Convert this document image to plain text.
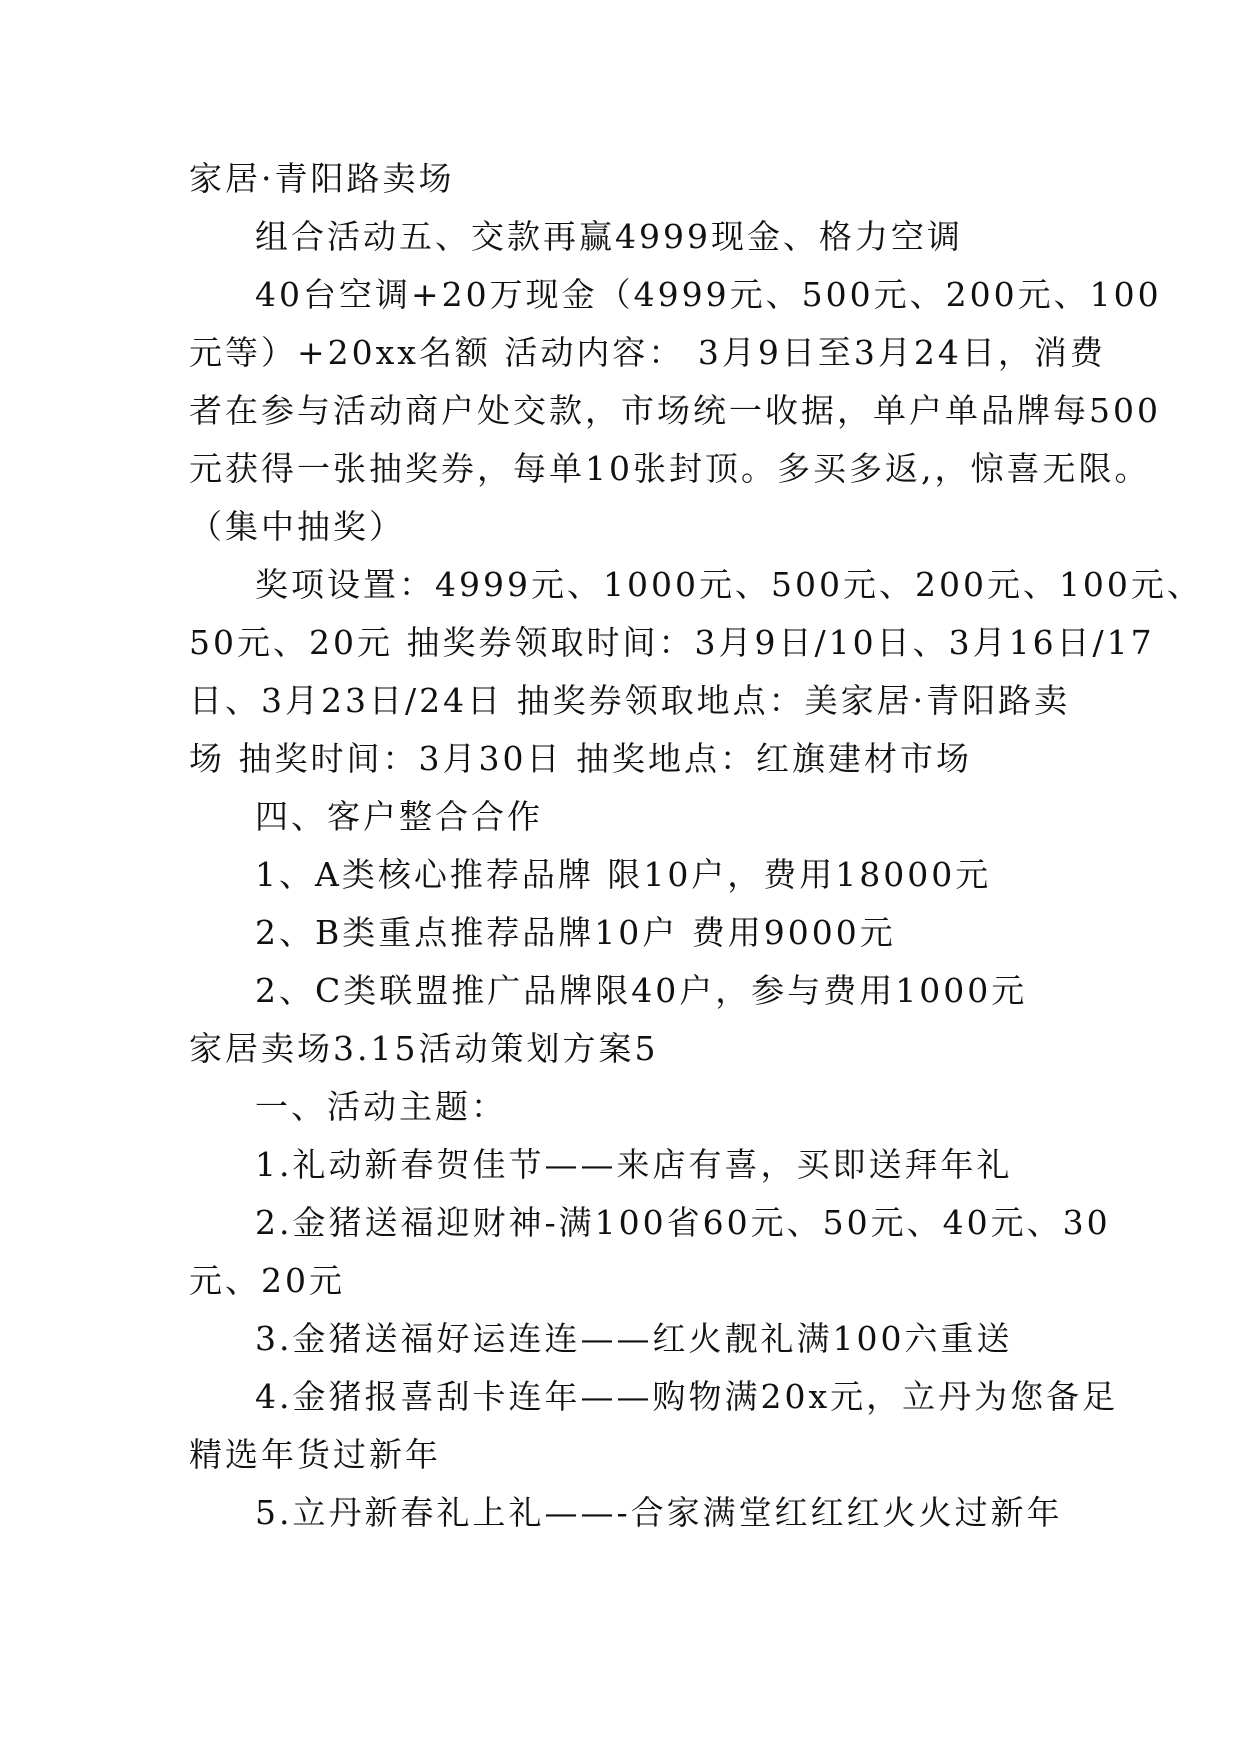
家居·青阳路卖场
组合活动五、交款再赢4999现金、格力空调
40台空调+20万现金（4999元、500元、200元、100
元等）+20xx名额 活动内容： 3月9日至3月24日，消费
者在参与活动商户处交款，市场统一收据，单户单品牌每500
元获得一张抽奖券，每单10张封顶。多买多返,，惊喜无限。
（集中抽奖）
奖项设置：4999元、1000元、500元、200元、100元、
50元、20元 抽奖券领取时间：3月9日/10日、3月16日/17
日、3月23日/24日 抽奖券领取地点：美家居·青阳路卖
场 抽奖时间：3月30日 抽奖地点：红旗建材市场
四、客户整合合作
1、A类核心推荐品牌 限10户，费用18000元
2、B类重点推荐品牌10户 费用9000元
2、C类联盟推广品牌限40户，参与费用1000元
家居卖场3.15活动策划方案5
一、活动主题：
1.礼动新春贺佳节——来店有喜，买即送拜年礼
2.金猪送福迎财神-满100省60元、50元、40元、30
元、20元
3.金猪送福好运连连——红火靓礼满100六重送
4.金猪报喜刮卡连年——购物满20x元，立丹为您备足
精选年货过新年
5.立丹新春礼上礼——-合家满堂红红红火火过新年
